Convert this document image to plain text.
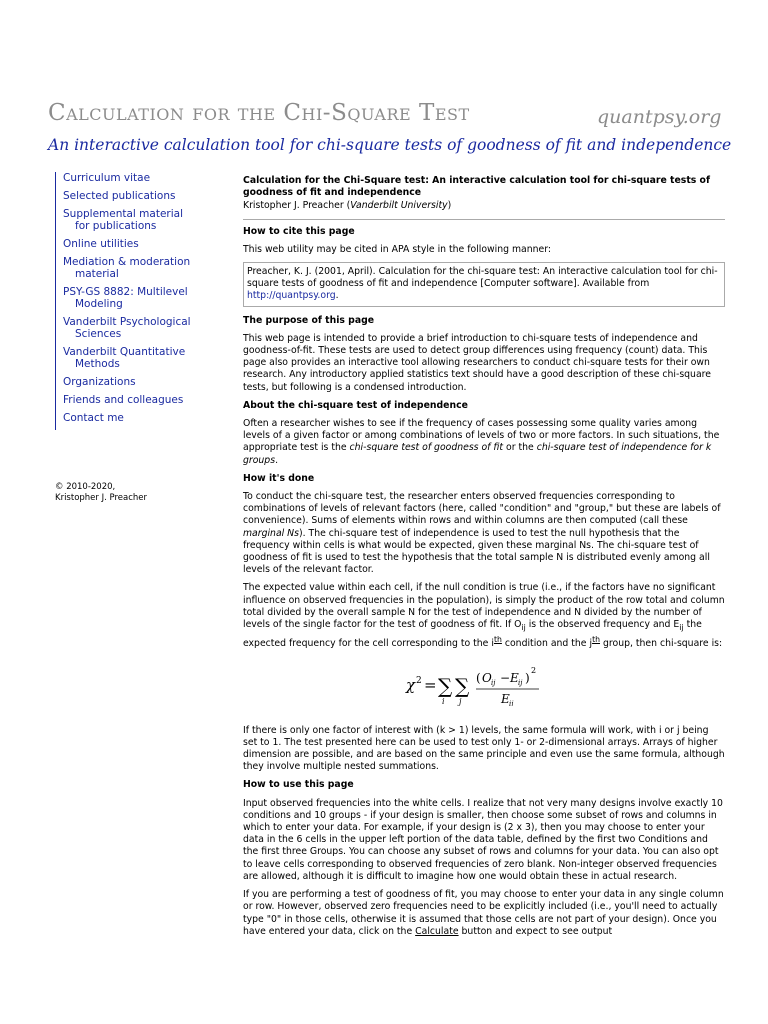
Calculation for the Chi-Square Test	quantpsy.org
An interactive calculation tool for chi-square tests of goodness of fit and independence
Curriculum vitae
Selected publications
Supplemental material
for publications
Online utilities
Mediation & moderation
material
PSY-GS 8882: Multilevel
Modeling
Vanderbilt Psychological
Sciences
Vanderbilt Quantitative
Methods
Organizations
Friends and colleagues
Contact me
© 2010-2020,
Kristopher J. Preacher

Calculation for the Chi-Square test: An interactive calculation tool for chi-square tests of goodness of fit and independence

Kristopher J. Preacher (Vanderbilt University)

How to cite this page

This web utility may be cited in APA style in the following manner:

Preacher, K. J. (2001, April). Calculation for the chi-square test: An interactive calculation tool for chi-square tests of goodness of fit and independence [Computer software]. Available from http://quantpsy.org.

The purpose of this page

This web page is intended to provide a brief introduction to chi-square tests of independence and goodness-of-fit. These tests are used to detect group differences using frequency (count) data. This page also provides an interactive tool allowing researchers to conduct chi-square tests for their own research. Any introductory applied statistics text should have a good description of these chi-square tests, but following is a condensed introduction.

About the chi-square test of independence

Often a researcher wishes to see if the frequency of cases possessing some quality varies among levels of a given factor or among combinations of levels of two or more factors. In such situations, the appropriate test is the chi-square test of goodness of fit or the chi-square test of independence for k groups.

How it's done

To conduct the chi-square test, the researcher enters observed frequencies corresponding to combinations of levels of relevant factors (here, called "condition" and "group," but these are labels of convenience). Sums of elements within rows and within columns are then computed (call these marginal Ns). The chi-square test of independence is used to test the null hypothesis that the frequency within cells is what would be expected, given these marginal Ns. The chi-square test of goodness of fit is used to test the hypothesis that the total sample N is distributed evenly among all levels of the relevant factor.

The expected value within each cell, if the null condition is true (i.e., if the factors have no significant influence on observed frequencies in the population), is simply the product of the row total and column total divided by the overall sample N for the test of independence and N divided by the number of levels of the single factor for the test of goodness of fit. If $O_{ij}$ is the observed frequency and $E_{ij}$ the expected frequency for the cell corresponding to the $i^{th}$ condition and the $j^{th}$ group, then chi-square is:

χ 2 = ∑
i
∑
j
( O ij − E ij )
2
E ij

If there is only one factor of interest with (k > 1) levels, the same formula will work, with i or j being set to 1. The test presented here can be used to test only 1- or 2-dimensional arrays. Arrays of higher dimension are possible, and are based on the same principle and even use the same formula, although they involve multiple nested summations.

How to use this page

Input observed frequencies into the white cells. I realize that not very many designs involve exactly 10 conditions and 10 groups - if your design is smaller, then choose some subset of rows and columns in which to enter your data. For example, if your design is (2 x 3), then you may choose to enter your data in the 6 cells in the upper left portion of the data table, defined by the first two Conditions and the first three Groups. You can choose any subset of rows and columns for your data. You can also opt to leave cells corresponding to observed frequencies of zero blank. Non-integer observed frequencies are allowed, although it is difficult to imagine how one would obtain these in actual research.

If you are performing a test of goodness of fit, you may choose to enter your data in any single column or row. However, observed zero frequencies need to be explicitly included (i.e., you'll need to actually type "0" in those cells, otherwise it is assumed that those cells are not part of your design). Once you have entered your data, click on the Calculate button and expect to see output
